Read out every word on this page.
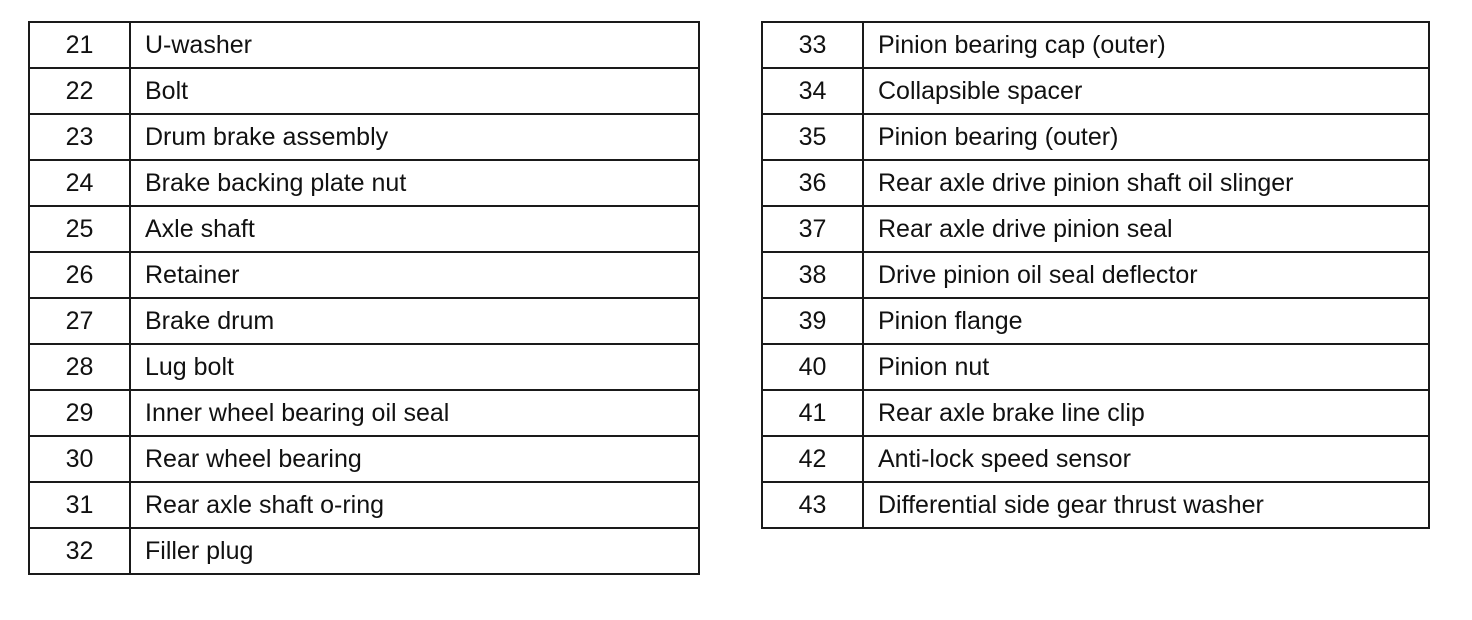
21	U-washer
22	Bolt
23	Drum brake assembly
24	Brake backing plate nut
25	Axle shaft
26	Retainer
27	Brake drum
28	Lug bolt
29	Inner wheel bearing oil seal
30	Rear wheel bearing
31	Rear axle shaft o-ring
32	Filler plug
33	Pinion bearing cap (outer)
34	Collapsible spacer
35	Pinion bearing (outer)
36	Rear axle drive pinion shaft oil slinger
37	Rear axle drive pinion seal
38	Drive pinion oil seal deflector
39	Pinion flange
40	Pinion nut
41	Rear axle brake line clip
42	Anti-lock speed sensor
43	Differential side gear thrust washer
